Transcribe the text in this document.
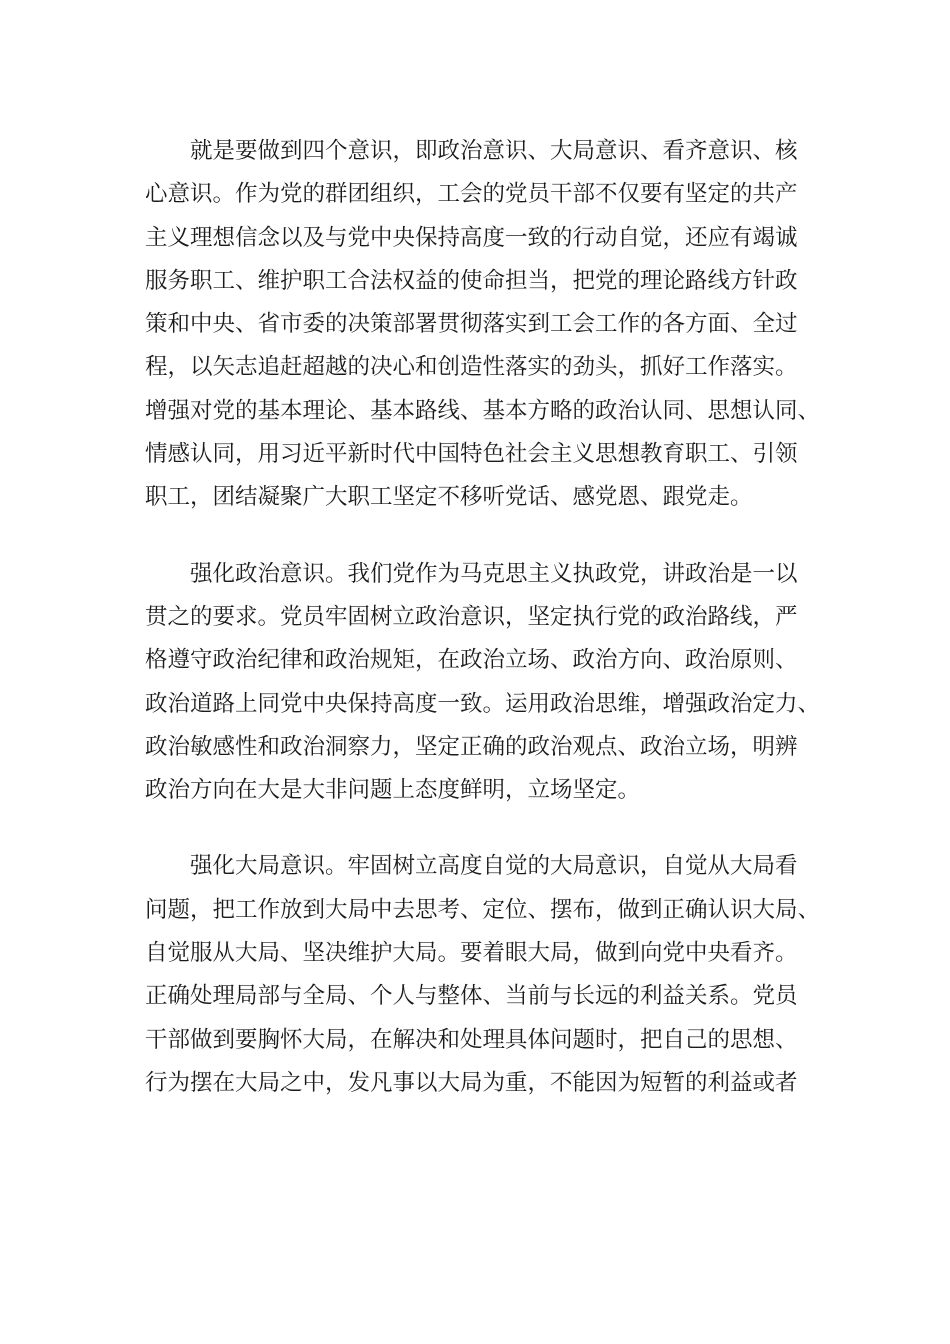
就是要做到四个意识，即政治意识、大局意识、看齐意识、核
心意识。作为党的群团组织，工会的党员干部不仅要有坚定的共产
主义理想信念以及与党中央保持高度一致的行动自觉，还应有竭诚
服务职工、维护职工合法权益的使命担当，把党的理论路线方针政
策和中央、省市委的决策部署贯彻落实到工会工作的各方面、全过
程，以矢志追赶超越的决心和创造性落实的劲头，抓好工作落实。
增强对党的基本理论、基本路线、基本方略的政治认同、思想认同、
情感认同，用习近平新时代中国特色社会主义思想教育职工、引领
职工，团结凝聚广大职工坚定不移听党话、感党恩、跟党走。
强化政治意识。我们党作为马克思主义执政党，讲政治是一以
贯之的要求。党员牢固树立政治意识，坚定执行党的政治路线，严
格遵守政治纪律和政治规矩，在政治立场、政治方向、政治原则、
政治道路上同党中央保持高度一致。运用政治思维，增强政治定力、
政治敏感性和政治洞察力，坚定正确的政治观点、政治立场，明辨
政治方向在大是大非问题上态度鲜明，立场坚定。
强化大局意识。牢固树立高度自觉的大局意识，自觉从大局看
问题，把工作放到大局中去思考、定位、摆布，做到正确认识大局、
自觉服从大局、坚决维护大局。要着眼大局，做到向党中央看齐。
正确处理局部与全局、个人与整体、当前与长远的利益关系。党员
干部做到要胸怀大局，在解决和处理具体问题时，把自己的思想、
行为摆在大局之中，发凡事以大局为重，不能因为短暂的利益或者
